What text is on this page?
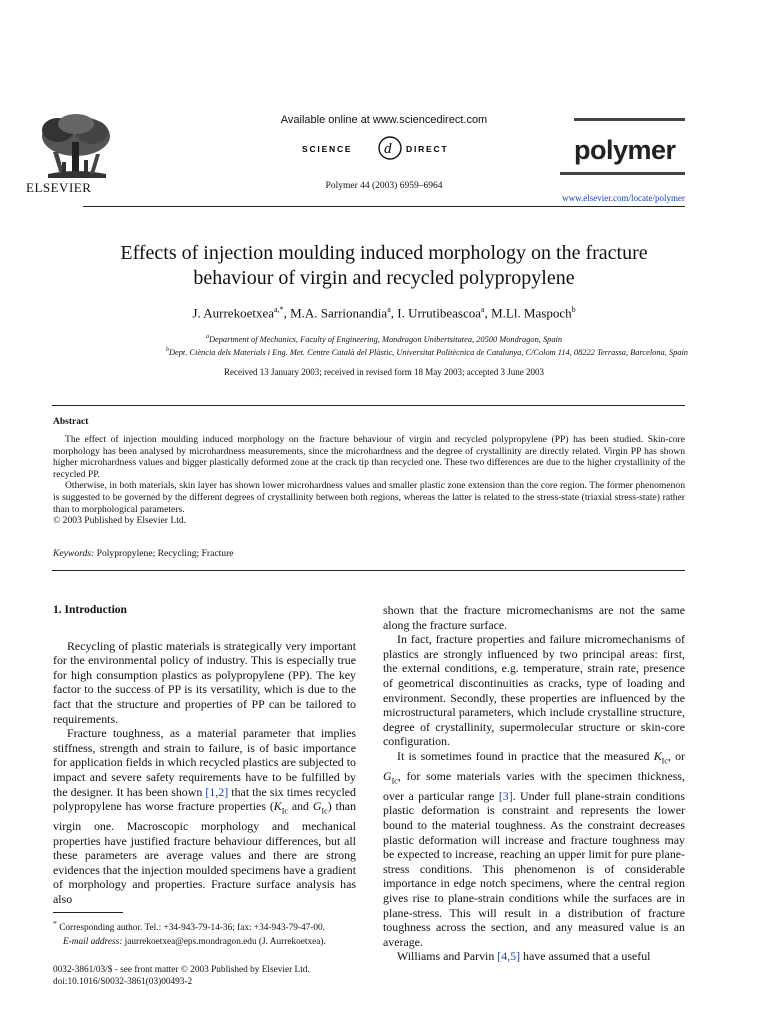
ELSEVIER
Available online at www.sciencedirect.com
SCIENCE d DIRECT
Polymer 44 (2003) 6959–6964
polymer
www.elsevier.com/locate/polymer
Effects of injection moulding induced morphology on the fracture
behaviour of virgin and recycled polypropylene
J. Aurrekoetxea$^{a,*}$, M.A. Sarrionandia$^a$, I. Urrutibeascoa$^a$, M.Ll. Maspoch$^b$
$^a$Department of Mechanics, Faculty of Engineering, Mondragon Unibertsitatea, 20500 Mondragon, Spain
$^b$Dept. Ciència dels Materials i Eng. Met. Centre Català del Plàstic, Universitat Politècnica de Catalunya, C/Colom 114, 08222 Terrassa, Barcelona, Spain
Received 13 January 2003; received in revised form 18 May 2003; accepted 3 June 2003
Abstract

The effect of injection moulding induced morphology on the fracture behaviour of virgin and recycled polypropylene (PP) has been studied. Skin-core morphology has been analysed by microhardness measurements, since the microhardness and the degree of crystallinity are directly related. Virgin PP has shown higher microhardness values and bigger plastically deformed zone at the crack tip than recycled one. These two differences are due to the higher crystallinity of the recycled PP.

Otherwise, in both materials, skin layer has shown lower microhardness values and smaller plastic zone extension than the core region. The former phenomenon is suggested to be governed by the different degrees of crystallinity between both regions, whereas the latter is related to the stress-state (triaxial stress-state) rather than to morphological parameters.

© 2003 Published by Elsevier Ltd.

Keywords: Polypropylene; Recycling; Fracture
1. Introduction

Recycling of plastic materials is strategically very important for the environmental policy of industry. This is especially true for high consumption plastics as polypropylene (PP). The key factor to the success of PP is its versatility, which is due to the fact that the structure and properties of PP can be tailored to requirements.

Fracture toughness, as a material parameter that implies stiffness, strength and strain to failure, is of basic importance for application fields in which recycled plastics are subjected to impact and severe safety requirements have to be fulfilled by the designer. It has been shown [1,2] that the six times recycled polypropylene has worse fracture properties ($K_{Ic}$ and $G_{Ic}$) than virgin one. Macroscopic morphology and mechanical properties have justified fracture behaviour differences, but all these parameters are average values and there are strong evidences that the injection moulded specimens have a gradient of morphology and properties. Fracture surface analysis has also

shown that the fracture micromechanisms are not the same along the fracture surface.

In fact, fracture properties and failure micromechanisms of plastics are strongly influenced by two principal areas: first, the external conditions, e.g. temperature, strain rate, presence of geometrical discontinuities as cracks, type of loading and environment. Secondly, these properties are influenced by the microstructural parameters, which include crystalline structure, degree of crystallinity, supermolecular structure or skin-core configuration.

It is sometimes found in practice that the measured $K_{Ic}$, or $G_{Ic}$, for some materials varies with the specimen thickness, over a particular range [3]. Under full plane-strain conditions plastic deformation is constraint and represents the lower bound to the material toughness. As the constraint decreases plastic deformation will increase and fracture toughness may be expected to increase, reaching an upper limit for pure plane-stress conditions. This phenomenon is of considerable importance in edge notch specimens, where the central region gives rise to plane-strain conditions while the surfaces are in plane-stress. This will result in a distribution of fracture toughness across the section, and any measured value is an average.

Williams and Parvin [4,5] have assumed that a useful

* Corresponding author. Tel.: +34-943-79-14-36; fax: +34-943-79-47-00.

E-mail address: jaurrekoetxea@eps.mondragon.edu (J. Aurrekoetxea).

0032-3861/03/$ - see front matter © 2003 Published by Elsevier Ltd.
doi:10.1016/S0032-3861(03)00493-2
